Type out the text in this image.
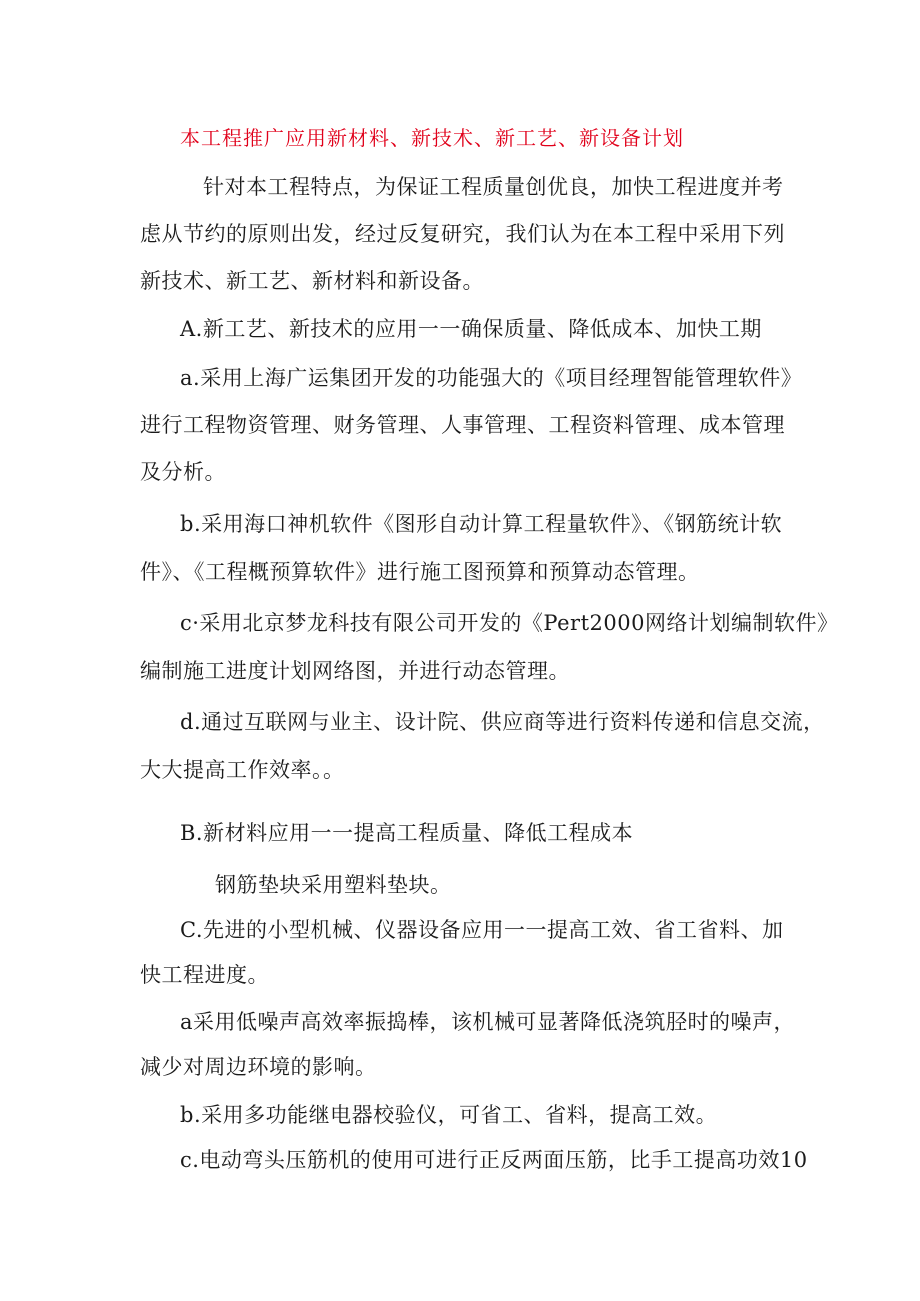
本工程推广应用新材料、新技术、新工艺、新设备计划
针对本工程特点，为保证工程质量创优良，加快工程进度并考
虑从节约的原则出发，经过反复研究，我们认为在本工程中采用下列
新技术、新工艺、新材料和新设备。
A.新工艺、新技术的应用一一确保质量、降低成本、加快工期
a.采用上海广运集团开发的功能强大的《项目经理智能管理软件》
进行工程物资管理、财务管理、人事管理、工程资料管理、成本管理
及分析。
b.采用海口神机软件《图形自动计算工程量软件》、《钢筋统计软
件》、《工程概预算软件》进行施工图预算和预算动态管理。
c·采用北京梦龙科技有限公司开发的《Pert2000网络计划编制软件》
编制施工进度计划网络图，并进行动态管理。
d.通过互联网与业主、设计院、供应商等进行资料传递和信息交流，
大大提高工作效率。。
B.新材料应用一一提高工程质量、降低工程成本
钢筋垫块采用塑料垫块。
C.先进的小型机械、仪器设备应用一一提高工效、省工省料、加
快工程进度。
a采用低噪声高效率振捣棒，该机械可显著降低浇筑胫时的噪声，
减少对周边环境的影响。
b.采用多功能继电器校验仪，可省工、省料，提高工效。
c.电动弯头压筋机的使用可进行正反两面压筋，比手工提高功效10
